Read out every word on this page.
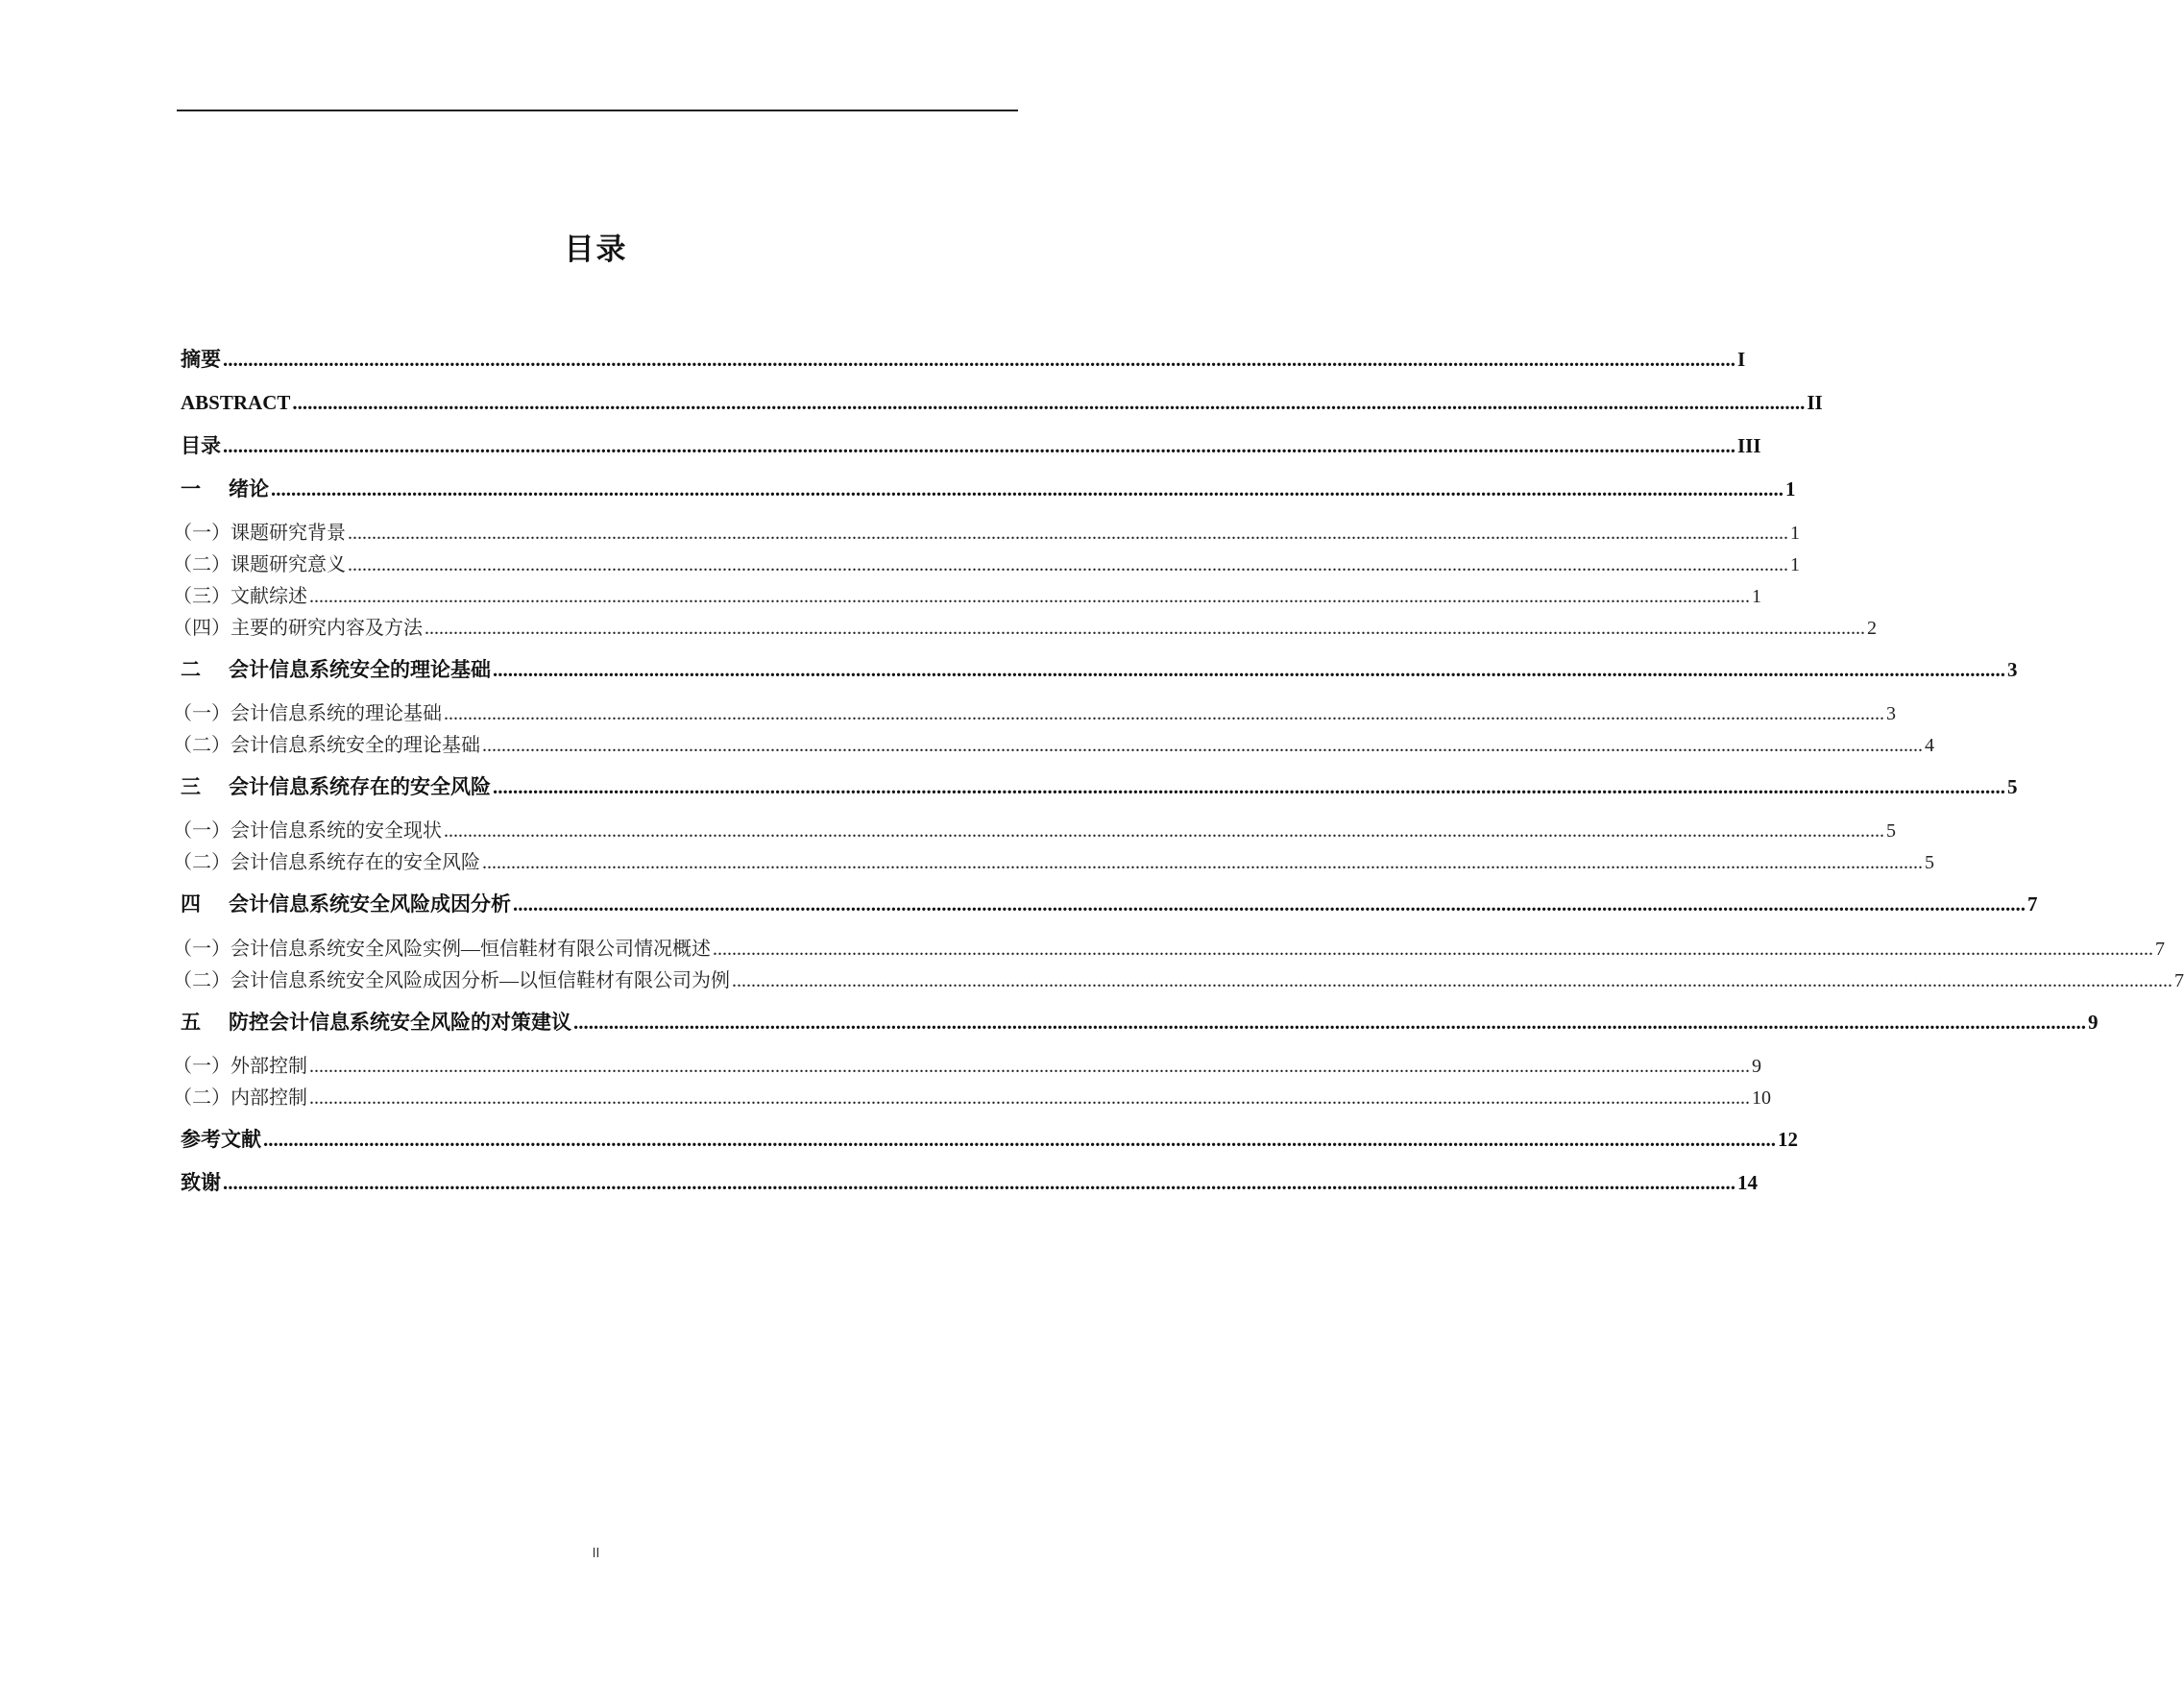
目录
摘要 ............................................................................................................................................................................................................................................................................................................ I
ABSTRACT ............................................................................................................................................................................................................................................................................................................ II
目录 ............................................................................................................................................................................................................................................................................................................ III
一	绪论 ............................................................................................................................................................................................................................................................................................................ 1
（一） 课题研究背景 ............................................................................................................................................................................................................................................................................................................ 1
（二） 课题研究意义 ............................................................................................................................................................................................................................................................................................................ 1
（三） 文献综述 ............................................................................................................................................................................................................................................................................................................ 1
（四） 主要的研究内容及方法 ............................................................................................................................................................................................................................................................................................................ 2
二	会计信息系统安全的理论基础 ............................................................................................................................................................................................................................................................................................................ 3
（一） 会计信息系统的理论基础 ............................................................................................................................................................................................................................................................................................................ 3
（二） 会计信息系统安全的理论基础 ............................................................................................................................................................................................................................................................................................................ 4
三	会计信息系统存在的安全风险 ............................................................................................................................................................................................................................................................................................................ 5
（一） 会计信息系统的安全现状 ............................................................................................................................................................................................................................................................................................................ 5
（二） 会计信息系统存在的安全风险 ............................................................................................................................................................................................................................................................................................................ 5
四	会计信息系统安全风险成因分析 ............................................................................................................................................................................................................................................................................................................ 7
（一） 会计信息系统安全风险实例—恒信鞋材有限公司情况概述 ............................................................................................................................................................................................................................................................................................................ 7
（二） 会计信息系统安全风险成因分析—以恒信鞋材有限公司为例 ............................................................................................................................................................................................................................................................................................................ 7
五	防控会计信息系统安全风险的对策建议 ............................................................................................................................................................................................................................................................................................................ 9
（一） 外部控制 ............................................................................................................................................................................................................................................................................................................ 9
（二） 内部控制 ............................................................................................................................................................................................................................................................................................................ 10
参考文献 ............................................................................................................................................................................................................................................................................................................ 12
致谢 ............................................................................................................................................................................................................................................................................................................ 14
II
